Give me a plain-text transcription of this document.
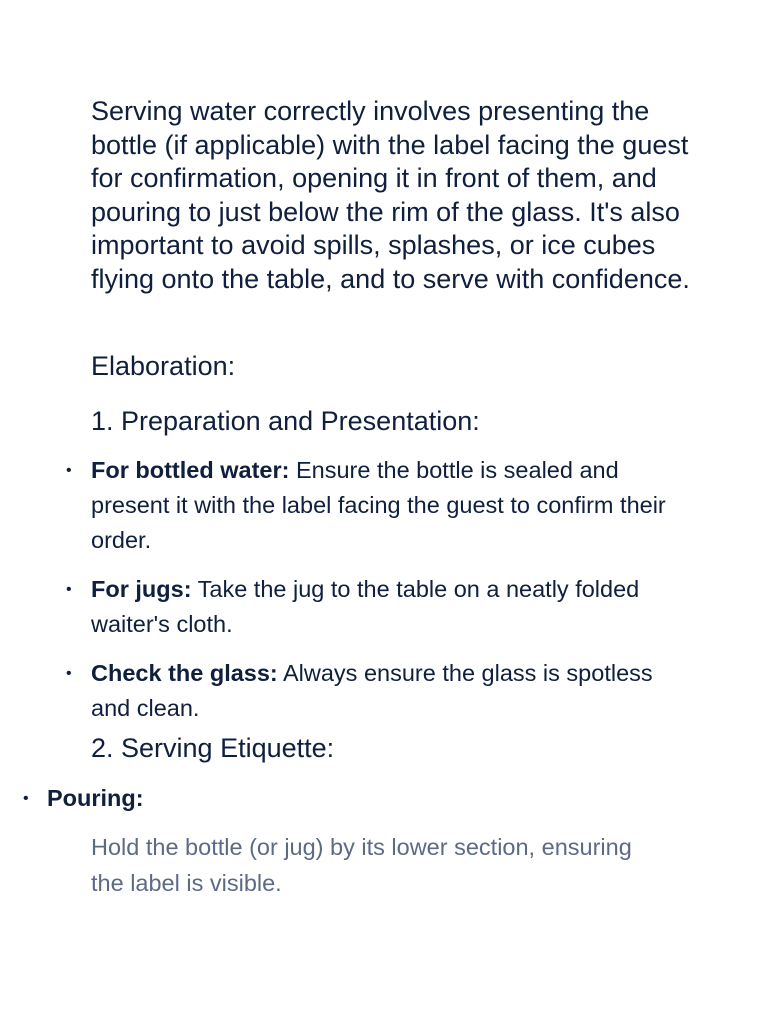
Serving water correctly involves presenting the bottle (if applicable) with the label facing the guest for confirmation, opening it in front of them, and pouring to just below the rim of the glass. It's also important to avoid spills, splashes, or ice cubes flying onto the table, and to serve with confidence.

Elaboration:

1. Preparation and Presentation:

• For bottled water: Ensure the bottle is sealed and present it with the label facing the guest to confirm their order.
• For jugs: Take the jug to the table on a neatly folded waiter's cloth.
• Check the glass: Always ensure the glass is spotless and clean.

2. Serving Etiquette:

• Pouring:

Hold the bottle (or jug) by its lower section, ensuring the label is visible.
